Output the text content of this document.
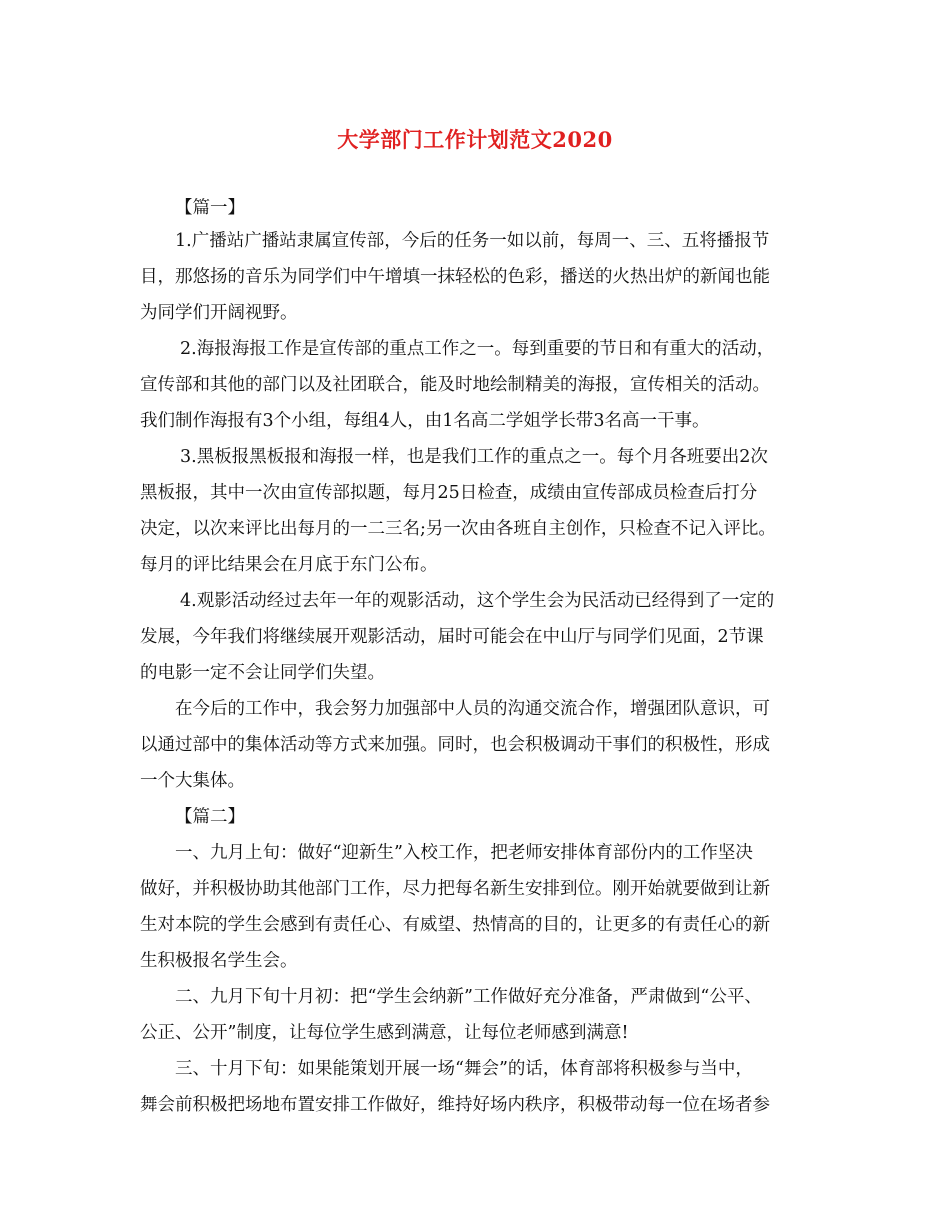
大学部门工作计划范文2020
【篇一】
1.广播站广播站隶属宣传部，今后的任务一如以前，每周一、三、五将播报节
目，那悠扬的音乐为同学们中午增填一抹轻松的色彩，播送的火热出炉的新闻也能
为同学们开阔视野。
2.海报海报工作是宣传部的重点工作之一。每到重要的节日和有重大的活动，
宣传部和其他的部门以及社团联合，能及时地绘制精美的海报，宣传相关的活动。
我们制作海报有3个小组，每组4人，由1名高二学姐学长带3名高一干事。
3.黑板报黑板报和海报一样，也是我们工作的重点之一。每个月各班要出2次
黑板报，其中一次由宣传部拟题，每月25日检查，成绩由宣传部成员检查后打分
决定，以次来评比出每月的一二三名;另一次由各班自主创作，只检查不记入评比。
每月的评比结果会在月底于东门公布。
4.观影活动经过去年一年的观影活动，这个学生会为民活动已经得到了一定的
发展，今年我们将继续展开观影活动，届时可能会在中山厅与同学们见面，2节课
的电影一定不会让同学们失望。
在今后的工作中，我会努力加强部中人员的沟通交流合作，增强团队意识，可
以通过部中的集体活动等方式来加强。同时，也会积极调动干事们的积极性，形成
一个大集体。
【篇二】
一、九月上旬：做好“迎新生”入校工作，把老师安排体育部份内的工作坚决
做好，并积极协助其他部门工作，尽力把每名新生安排到位。刚开始就要做到让新
生对本院的学生会感到有责任心、有威望、热情高的目的，让更多的有责任心的新
生积极报名学生会。
二、九月下旬十月初：把“学生会纳新”工作做好充分准备，严肃做到“公平、
公正、公开”制度，让每位学生感到满意，让每位老师感到满意!
三、十月下旬：如果能策划开展一场“舞会”的话，体育部将积极参与当中，
舞会前积极把场地布置安排工作做好，维持好场内秩序，积极带动每一位在场者参
